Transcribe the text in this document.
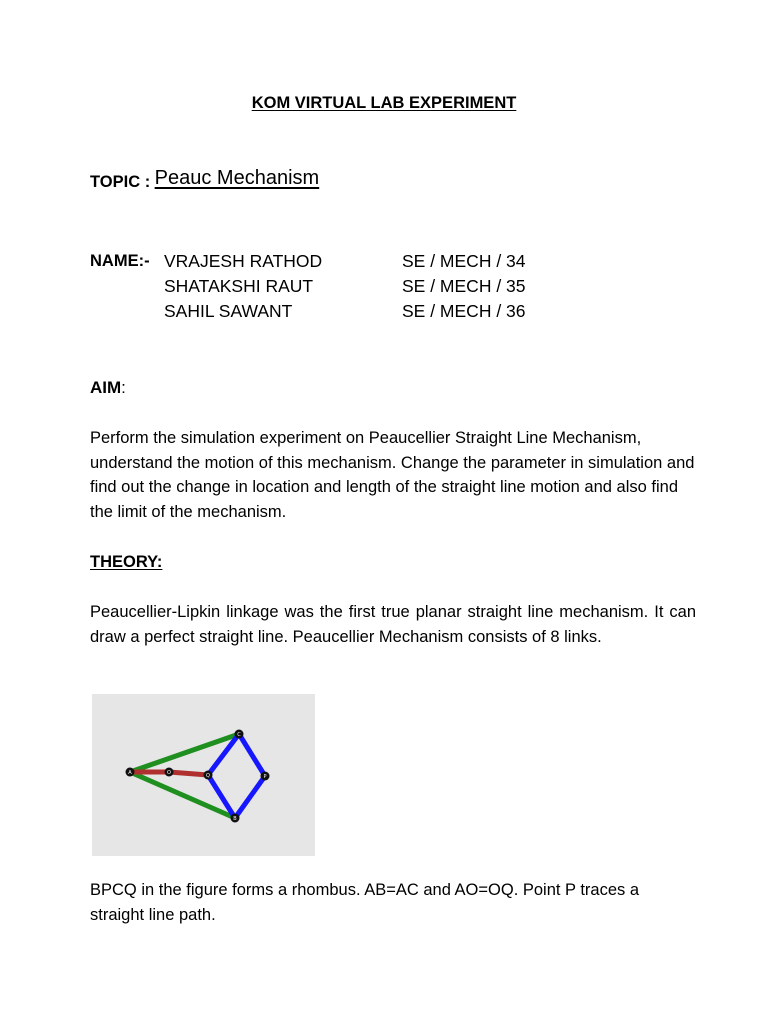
KOM VIRTUAL LAB EXPERIMENT
TOPIC : Peauc Mechanism
NAME:- VRAJESH RATHOD	SE / MECH / 34
SHATAKSHI RAUT	SE / MECH / 35
SAHIL SAWANT	SE / MECH / 36
AIM:
Perform the simulation experiment on Peaucellier Straight Line Mechanism, understand the motion of this mechanism. Change the parameter in simulation and find out the change in location and length of the straight line motion and also find the limit of the mechanism.
THEORY:
Peaucellier-Lipkin linkage was the first true planar straight line mechanism. It can draw a perfect straight line. Peaucellier Mechanism consists of 8 links.
A	O	Q
C
B
P
BPCQ in the figure forms a rhombus. AB=AC and AO=OQ. Point P traces a straight line path.
